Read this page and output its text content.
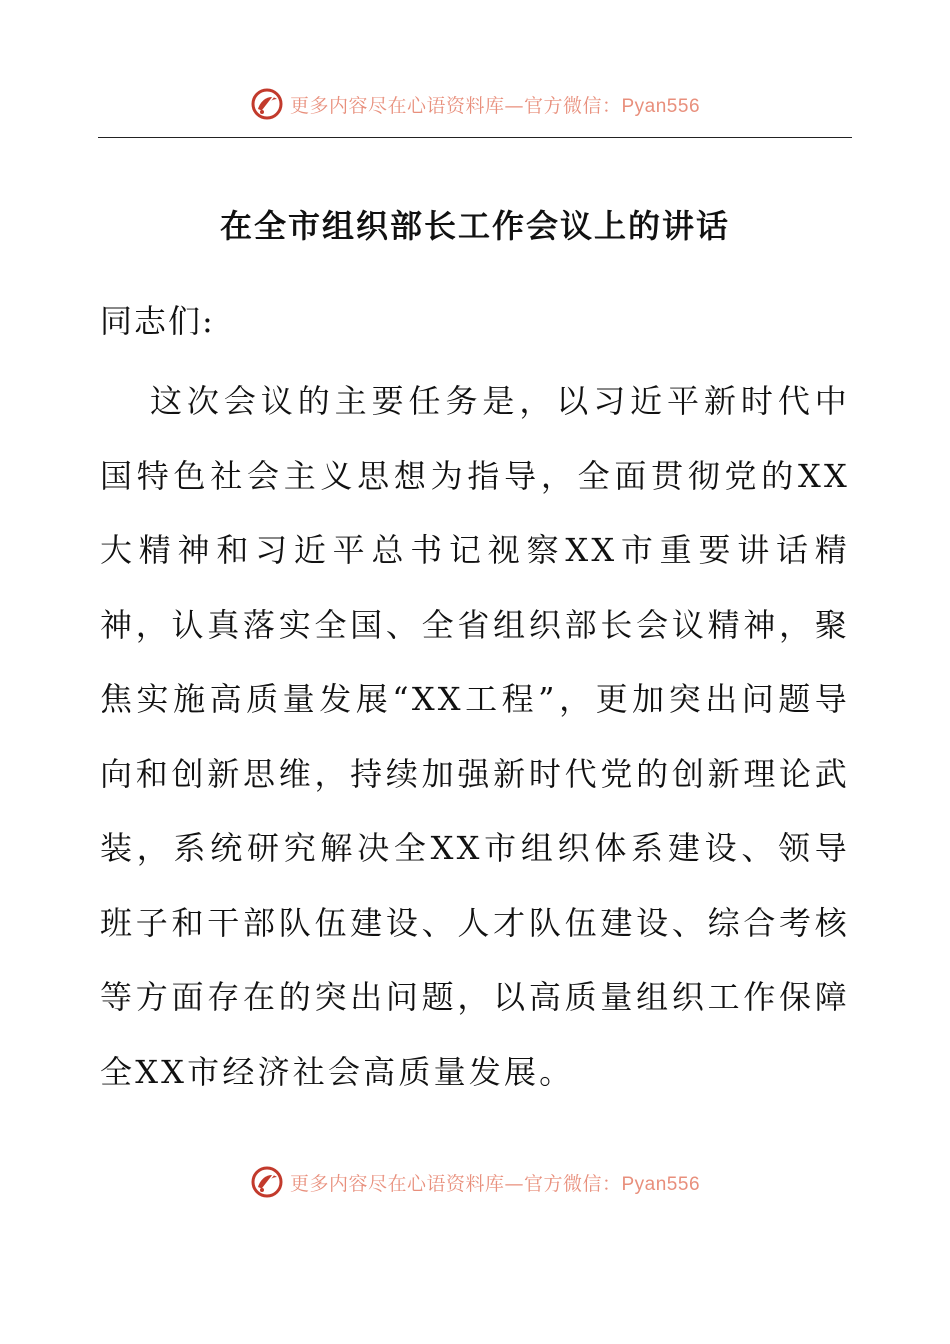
更多内容尽在心语资料库—官方微信：Pyan556
在全市组织部长工作会议上的讲话

同志们:

这次会议的主要任务是，以习近平新时代中国特色社会主义思想为指导，全面贯彻党的XX大精神和习近平总书记视察XX市重要讲话精神，认真落实全国、全省组织部长会议精神，聚焦实施高质量发展“XX工程”，更加突出问题导向和创新思维，持续加强新时代党的创新理论武装，系统研究解决全XX市组织体系建设、领导班子和干部队伍建设、人才队伍建设、综合考核等方面存在的突出问题，以高质量组织工作保障全XX市经济社会高质量发展。

更多内容尽在心语资料库—官方微信：Pyan556
